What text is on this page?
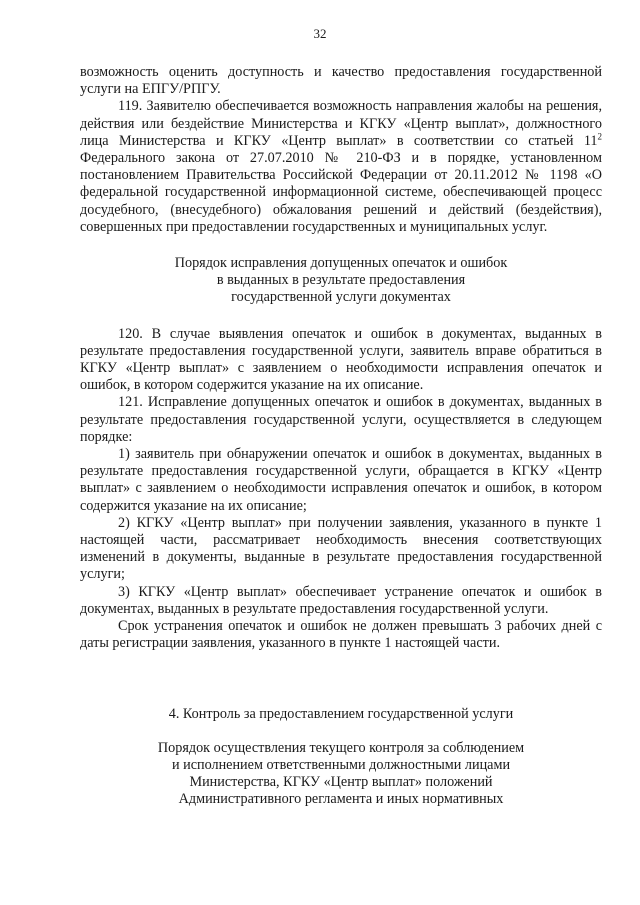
32

возможность оценить доступность и качество предоставления государственной услуги на ЕПГУ/РПГУ.

119. Заявителю обеспечивается возможность направления жалобы на решения, действия или бездействие Министерства и КГКУ «Центр выплат», должностного лица Министерства и КГКУ «Центр выплат» в соответствии со статьей $11^2$ Федерального закона от 27.07.2010 № 210-ФЗ и в порядке, установленном постановлением Правительства Российской Федерации от 20.11.2012 № 1198 «О федеральной государственной информационной системе, обеспечивающей процесс досудебного, (внесудебного) обжалования решений и действий (бездействия), совершенных при предоставлении государственных и муниципальных услуг.

Порядок исправления допущенных опечаток и ошибок
в выданных в результате предоставления
государственной услуги документах

120. В случае выявления опечаток и ошибок в документах, выданных в результате предоставления государственной услуги, заявитель вправе обратиться в КГКУ «Центр выплат» с заявлением о необходимости исправления опечаток и ошибок, в котором содержится указание на их описание.

121. Исправление допущенных опечаток и ошибок в документах, выданных в результате предоставления государственной услуги, осуществляется в следующем порядке:

1) заявитель при обнаружении опечаток и ошибок в документах, выданных в результате предоставления государственной услуги, обращается в КГКУ «Центр выплат» с заявлением о необходимости исправления опечаток и ошибок, в котором содержится указание на их описание;

2) КГКУ «Центр выплат» при получении заявления, указанного в пункте 1 настоящей части, рассматривает необходимость внесения соответствующих изменений в документы, выданные в результате предоставления государственной услуги;

3) КГКУ «Центр выплат» обеспечивает устранение опечаток и ошибок в документах, выданных в результате предоставления государственной услуги.

Срок устранения опечаток и ошибок не должен превышать 3 рабочих дней с даты регистрации заявления, указанного в пункте 1 настоящей части.

4. Контроль за предоставлением государственной услуги
Порядок осуществления текущего контроля за соблюдением
и исполнением ответственными должностными лицами
Министерства, КГКУ «Центр выплат» положений
Административного регламента и иных нормативных
